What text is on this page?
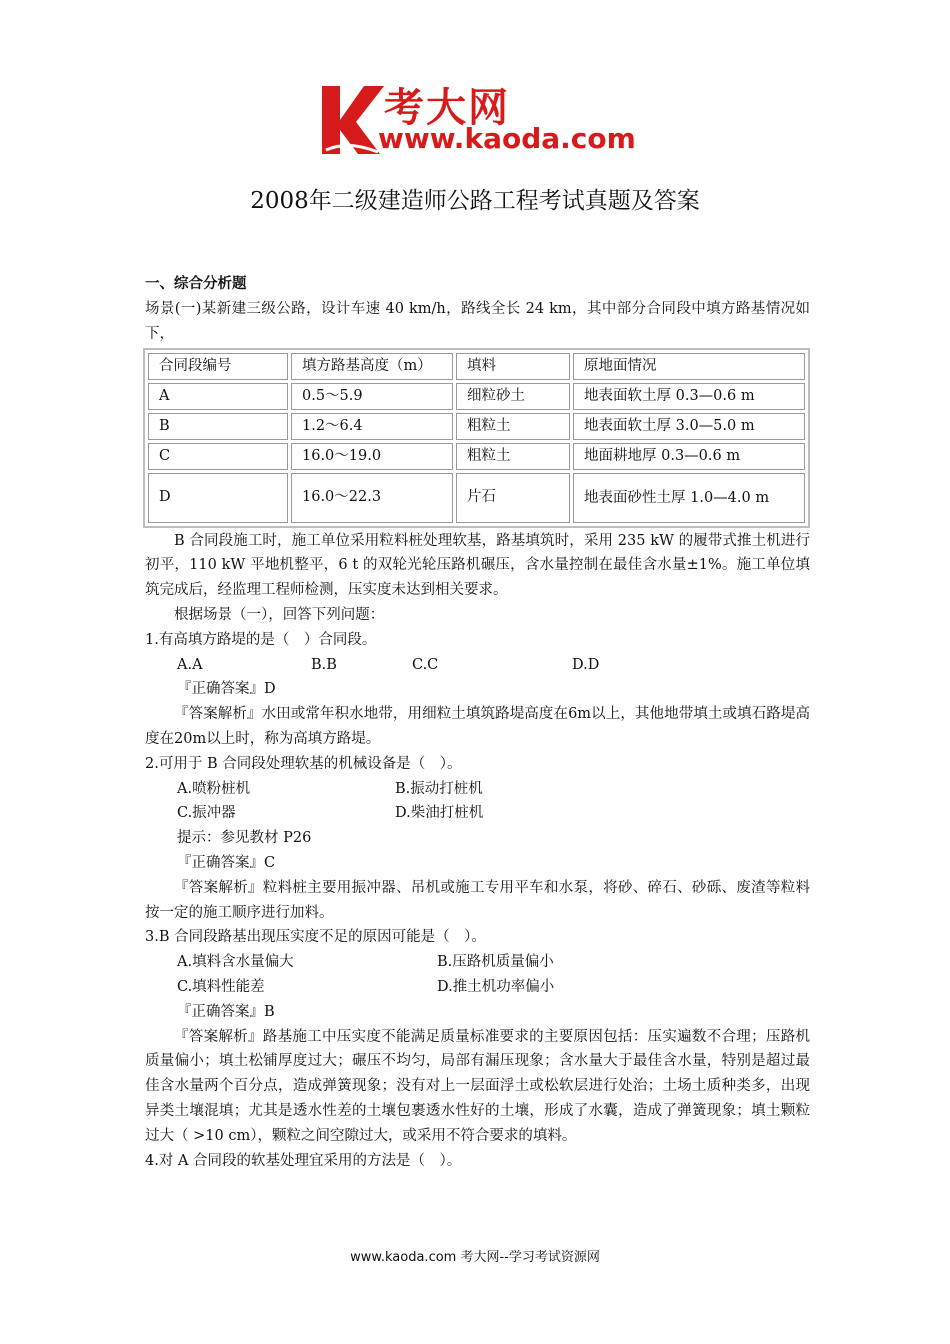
考大网
www.kaoda.com
2008年二级建造师公路工程考试真题及答案
一、综合分析题

场景(一)某新建三级公路，设计车速 40 km/h，路线全长 24 km，其中部分合同段中填方路基情况如下，

合同段编号	填方路基高度（m）	填料	原地面情况
A	0.5～5.9	细粒砂土	地表面软土厚 0.3—0.6 m
B	1.2～6.4	粗粒土	地表面软土厚 3.0—5.0 m
C	16.0～19.0	粗粒土	地面耕地厚 0.3—0.6 m
D	16.0～22.3	片石	地表面砂性土厚 1.0—4.0 m

B 合同段施工时，施工单位采用粒料桩处理软基，路基填筑时，采用 235 kW 的履带式推土机进行初平，110 kW 平地机整平，6 t 的双轮光轮压路机碾压，含水量控制在最佳含水量±1%。施工单位填筑完成后，经监理工程师检测，压实度未达到相关要求。

根据场景（一），回答下列问题：

1.有高填方路堤的是（　）合同段。

A.A	B.B	C.C	D.D

『正确答案』D

『答案解析』水田或常年积水地带，用细粒土填筑路堤高度在6m以上，其他地带填土或填石路堤高度在20m以上时，称为高填方路堤。

2.可用于 B 合同段处理软基的机械设备是（　）。

A.喷粉桩机	B.振动打桩机
C.振冲器	D.柴油打桩机

提示：参见教材 P26

『正确答案』C

『答案解析』粒料桩主要用振冲器、吊机或施工专用平车和水泵，将砂、碎石、砂砾、废渣等粒料按一定的施工顺序进行加料。

3.B 合同段路基出现压实度不足的原因可能是（　）。

A.填料含水量偏大	B.压路机质量偏小
C.填料性能差	D.推土机功率偏小

『正确答案』B

『答案解析』路基施工中压实度不能满足质量标准要求的主要原因包括：压实遍数不合理；压路机质量偏小；填土松铺厚度过大；碾压不均匀，局部有漏压现象；含水量大于最佳含水量，特别是超过最佳含水量两个百分点，造成弹簧现象；没有对上一层面浮土或松软层进行处治；土场土质种类多，出现异类土壤混填；尤其是透水性差的土壤包裹透水性好的土壤，形成了水囊，造成了弹簧现象；填土颗粒过大（ >10 cm），颗粒之间空隙过大，或采用不符合要求的填料。

4.对 A 合同段的软基处理宜采用的方法是（　）。

www.kaoda.com 考大网--学习考试资源网
